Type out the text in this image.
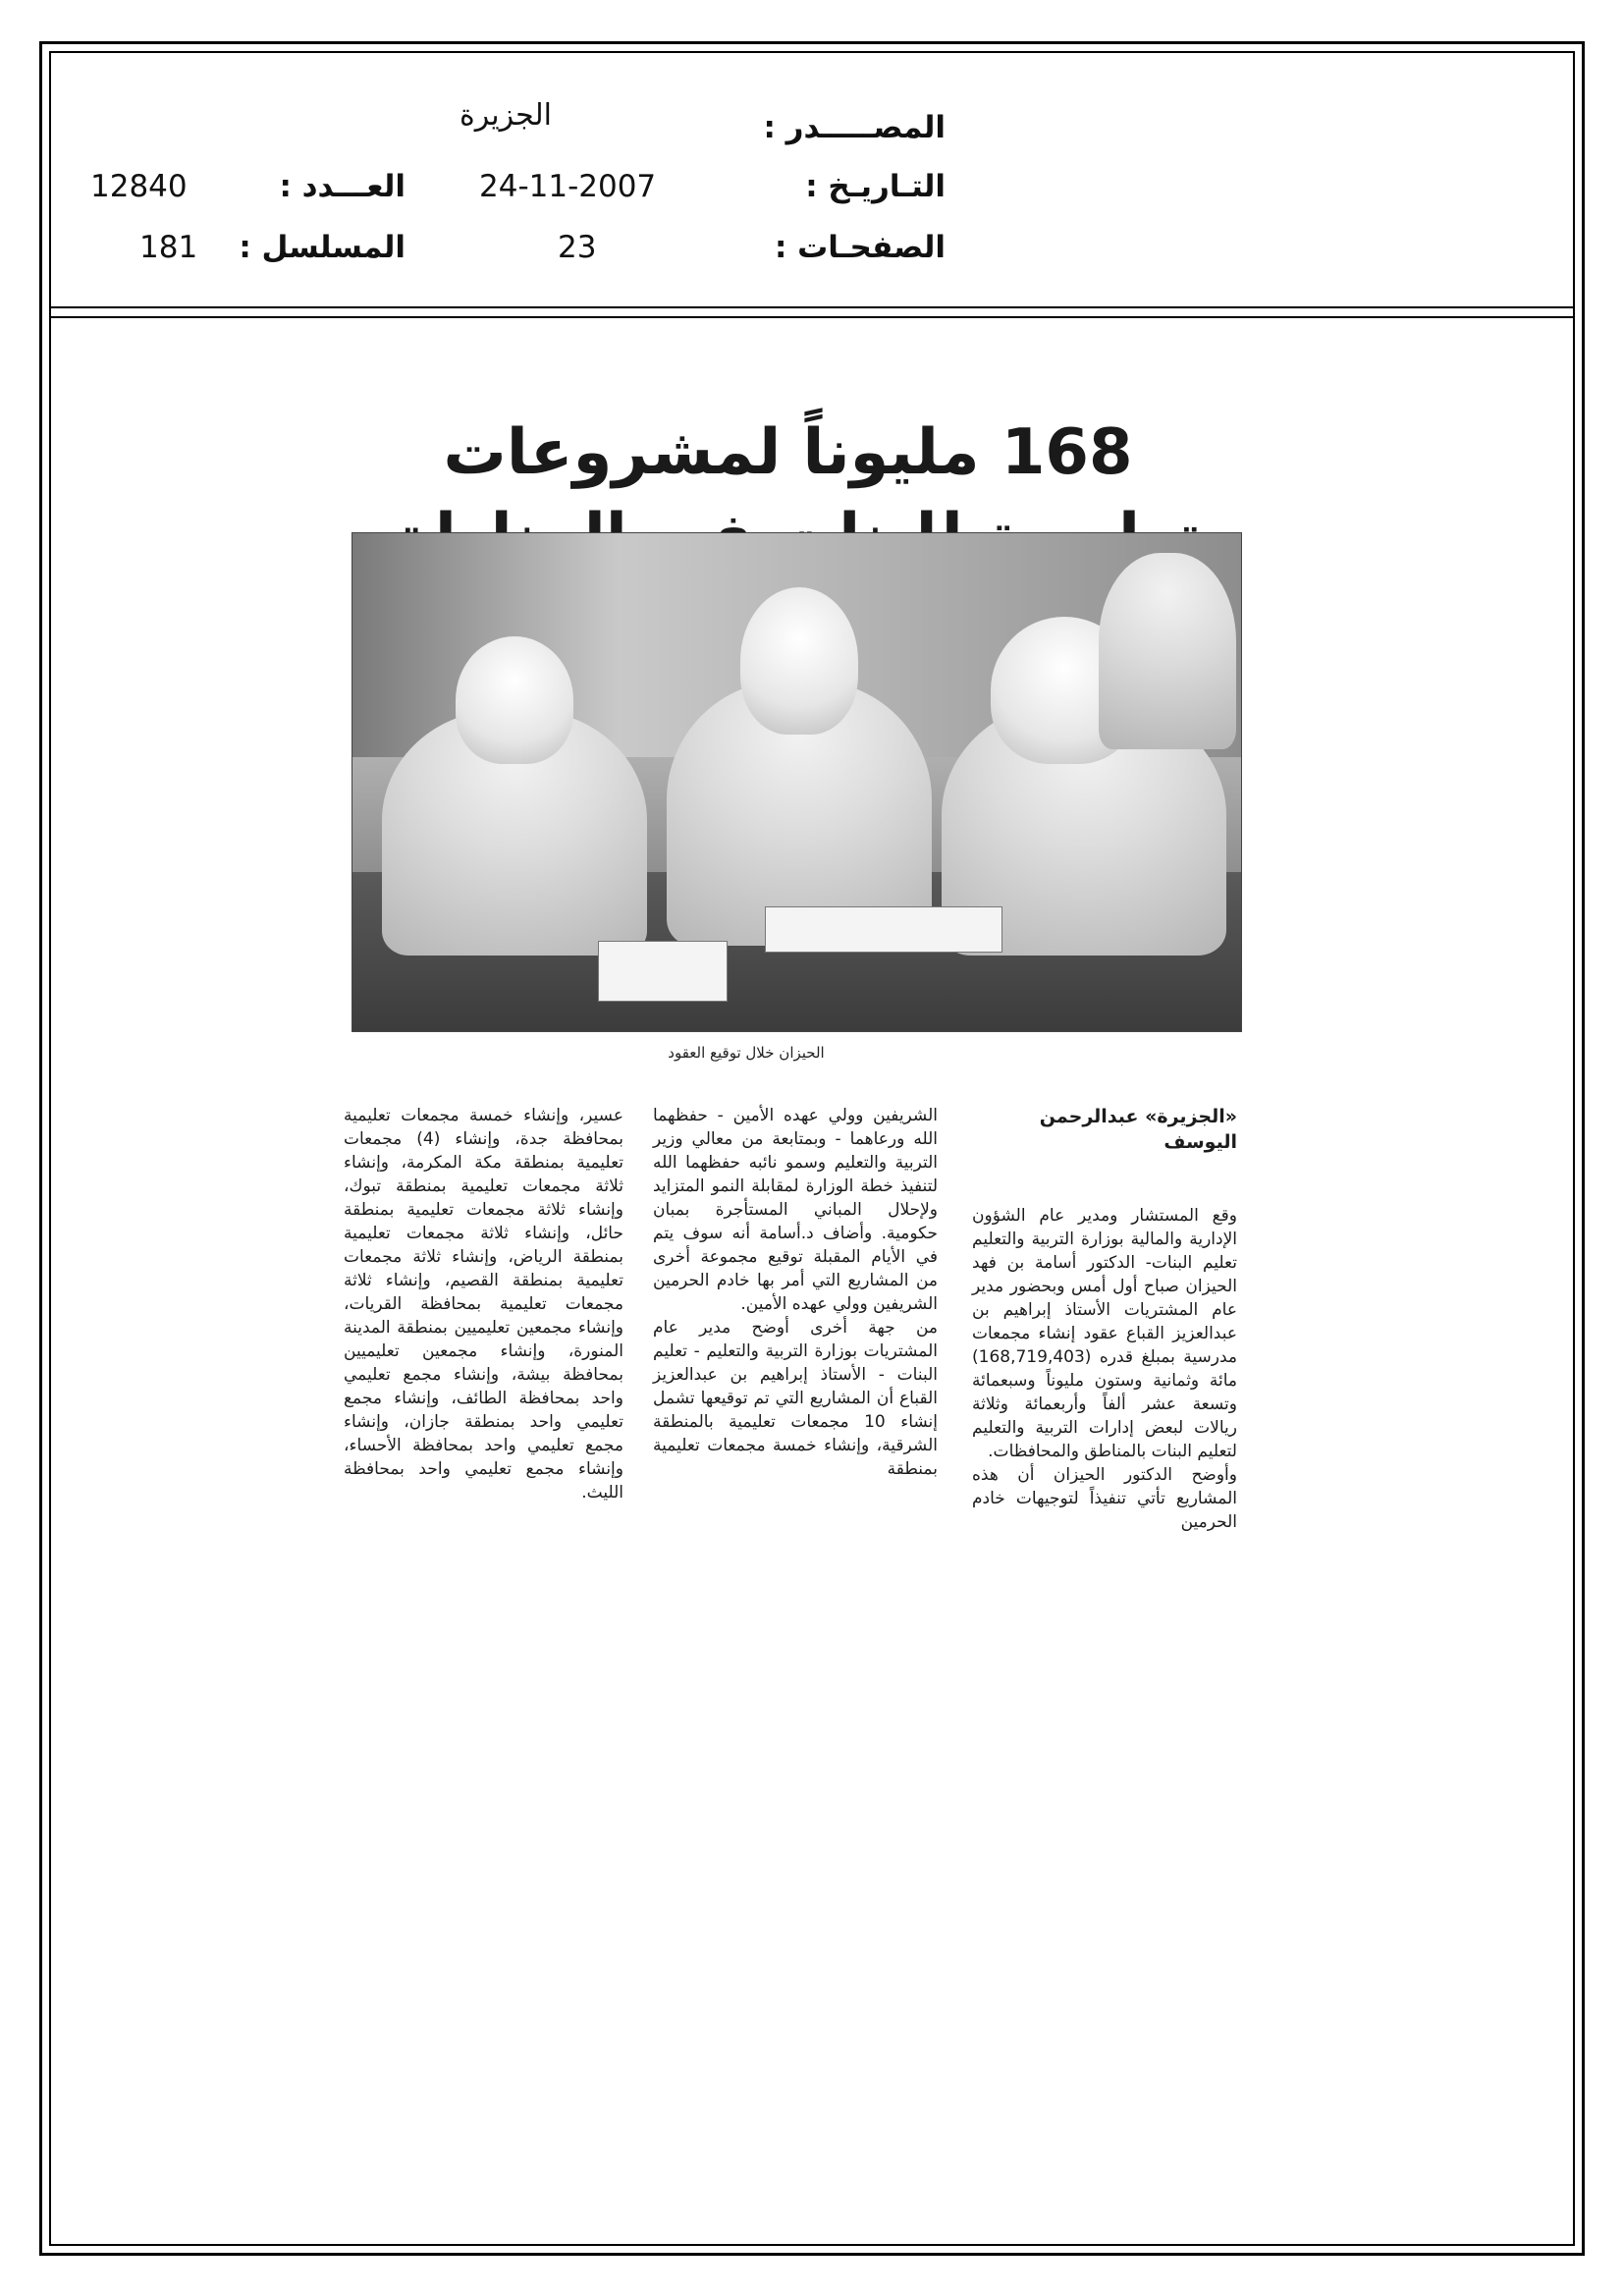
المصـــــدر :
الجزيرة
التـاريـخ :
24-11-2007
العـــدد :
12840
الصفحـات :
23
المسلسل :
181
168 مليوناً لمشروعات
الحيزان خلال توقيع العقود

«الجزيرة» عبدالرحمن
اليوسف

وقع المستشار ومدير عام الشؤون الإدارية والمالية بوزارة التربية والتعليم تعليم البنات- الدكتور أسامة بن فهد الحيزان صباح أول أمس وبحضور مدير عام المشتريات الأستاذ إبراهيم بن عبدالعزيز القباع عقود إنشاء مجمعات مدرسية بمبلغ قدره (168,719,403) مائة وثمانية وستون مليوناً وسبعمائة وتسعة عشر ألفاً وأربعمائة وثلاثة ريالات لبعض إدارات التربية والتعليم لتعليم البنات بالمناطق والمحافظات.
وأوضح الدكتور الحيزان أن هذه المشاريع تأتي تنفيذاً لتوجيهات خادم الحرمين

الشريفين وولي عهده الأمين - حفظهما الله ورعاهما - وبمتابعة من معالي وزير التربية والتعليم وسمو نائبه حفظهما الله لتنفيذ خطة الوزارة لمقابلة النمو المتزايد ولإحلال المباني المستأجرة بمبان حكومية. وأضاف د.أسامة أنه سوف يتم في الأيام المقبلة توقيع مجموعة أخرى من المشاريع التي أمر بها خادم الحرمين الشريفين وولي عهده الأمين.
من جهة أخرى أوضح مدير عام المشتريات بوزارة التربية والتعليم - تعليم البنات - الأستاذ إبراهيم بن عبدالعزيز القباع أن المشاريع التي تم توقيعها تشمل إنشاء 10 مجمعات تعليمية بالمنطقة الشرقية، وإنشاء خمسة مجمعات تعليمية بمنطقة

عسير، وإنشاء خمسة مجمعات تعليمية بمحافظة جدة، وإنشاء (4) مجمعات تعليمية بمنطقة مكة المكرمة، وإنشاء ثلاثة مجمعات تعليمية بمنطقة تبوك، وإنشاء ثلاثة مجمعات تعليمية بمنطقة حائل، وإنشاء ثلاثة مجمعات تعليمية بمنطقة الرياض، وإنشاء ثلاثة مجمعات تعليمية بمنطقة القصيم، وإنشاء ثلاثة مجمعات تعليمية بمحافظة القريات، وإنشاء مجمعين تعليميين بمنطقة المدينة المنورة، وإنشاء مجمعين تعليميين بمحافظة بيشة، وإنشاء مجمع تعليمي واحد بمحافظة الطائف، وإنشاء مجمع تعليمي واحد بمنطقة جازان، وإنشاء مجمع تعليمي واحد بمحافظة الأحساء، وإنشاء مجمع تعليمي واحد بمحافظة الليث.
